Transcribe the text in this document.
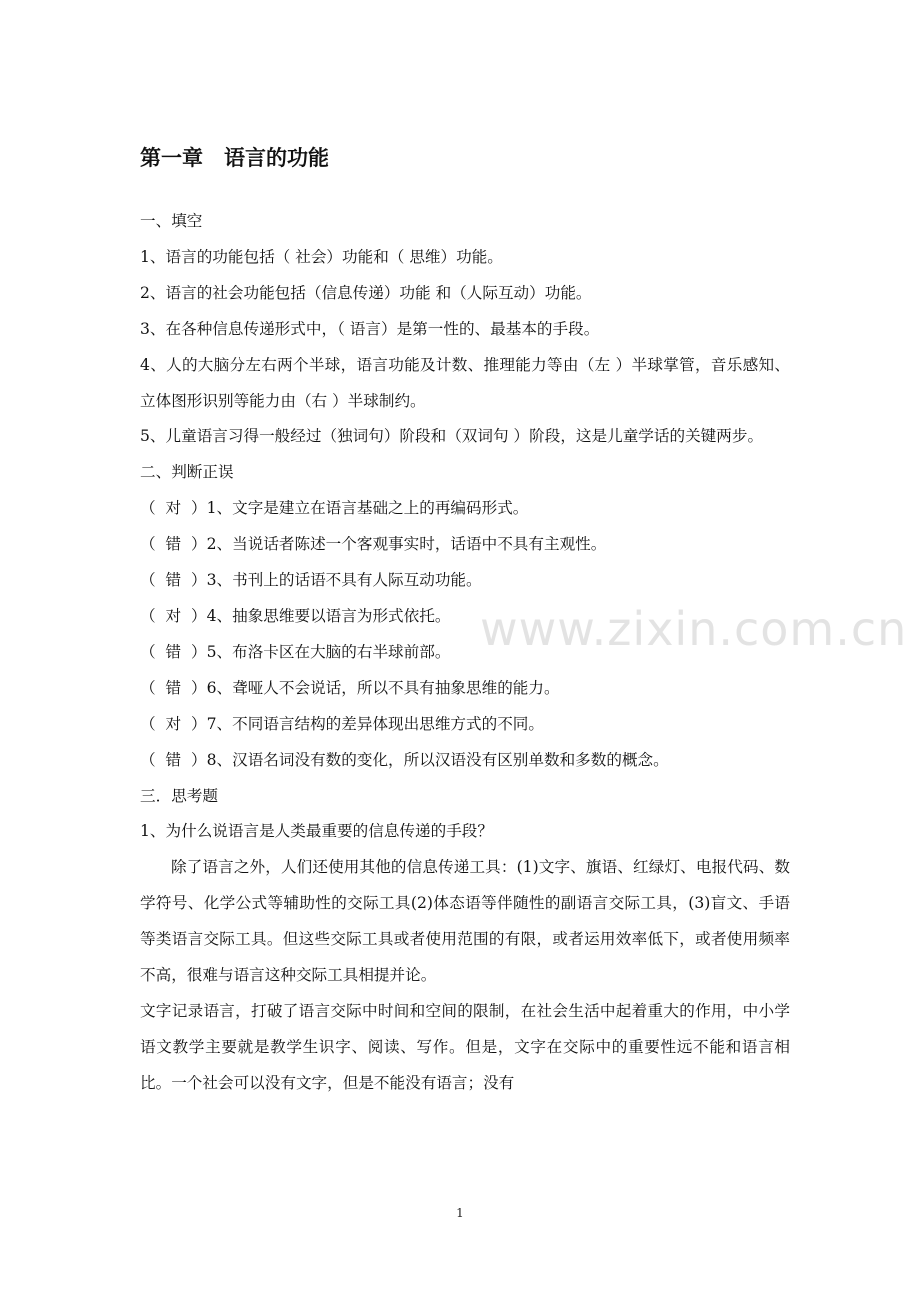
www.zixin.com.cn
第一章　语言的功能

一、填空

1、语言的功能包括（ 社会）功能和（ 思维）功能。

2、语言的社会功能包括（信息传递）功能 和（人际互动）功能。

3、在各种信息传递形式中，（ 语言）是第一性的、最基本的手段。

4、人的大脑分左右两个半球，语言功能及计数、推理能力等由（左 ）半球掌管，音乐感知、立体图形识别等能力由（右 ）半球制约。

5、儿童语言习得一般经过（独词句）阶段和（双词句 ）阶段，这是儿童学话的关键两步。

二、判断正误

（  对  ）1、文字是建立在语言基础之上的再编码形式。

（  错  ）2、当说话者陈述一个客观事实时，话语中不具有主观性。

（  错  ）3、书刊上的话语不具有人际互动功能。

（  对  ）4、抽象思维要以语言为形式依托。

（  错  ）5、布洛卡区在大脑的右半球前部。

（  错  ）6、聋哑人不会说话，所以不具有抽象思维的能力。

（  对  ）7、不同语言结构的差异体现出思维方式的不同。

（  错  ）8、汉语名词没有数的变化，所以汉语没有区别单数和多数的概念。

三．思考题

1、为什么说语言是人类最重要的信息传递的手段？

除了语言之外，人们还使用其他的信息传递工具：(1)文字、旗语、红绿灯、电报代码、数学符号、化学公式等辅助性的交际工具(2)体态语等伴随性的副语言交际工具，(3)盲文、手语等类语言交际工具。但这些交际工具或者使用范围的有限，或者运用效率低下，或者使用频率不高，很难与语言这种交际工具相提并论。

文字记录语言，打破了语言交际中时间和空间的限制，在社会生活中起着重大的作用，中小学语文教学主要就是教学生识字、阅读、写作。但是，文字在交际中的重要性远不能和语言相比。一个社会可以没有文字，但是不能没有语言；没有

1
